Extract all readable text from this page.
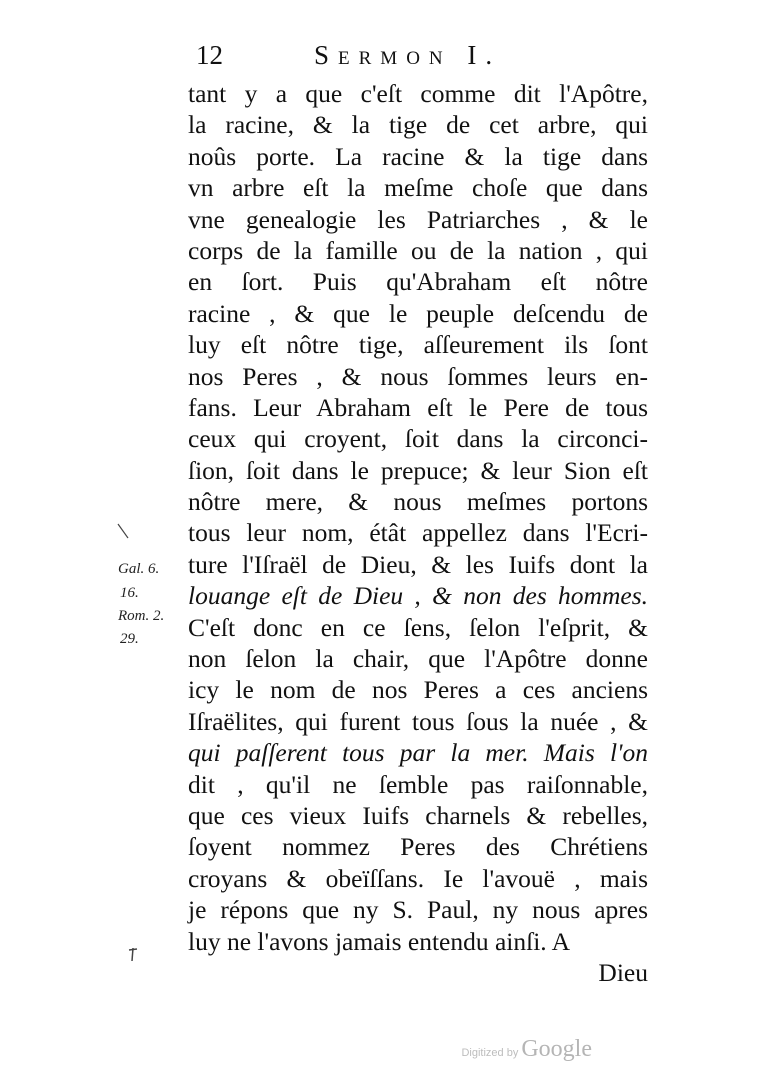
12	Sermon I.
tant y a que c'eſt comme dit l'Apôtre,
la racine, & la tige de cet arbre, qui
noûs porte. La racine & la tige dans
vn arbre eſt la meſme choſe que dans
vne genealogie les Patriarches , & le
corps de la famille ou de la nation , qui
en ſort. Puis qu'Abraham eſt nôtre
racine , & que le peuple deſcendu de
luy eſt nôtre tige, aſſeurement ils ſont
nos Peres , & nous ſommes leurs en-
fans. Leur Abraham eſt le Pere de tous
ceux qui croyent, ſoit dans la circonci-
ſion, ſoit dans le prepuce; & leur Sion eſt
nôtre mere, & nous meſmes portons
tous leur nom, étât appellez dans l'Ecri-
ture l'Iſraël de Dieu, & les Iuifs dont la
louange eſt de Dieu , & non des hommes.
C'eſt donc en ce ſens, ſelon l'eſprit, &
non ſelon la chair, que l'Apôtre donne
icy le nom de nos Peres a ces anciens
Iſraëlites, qui furent tous ſous la nuée , &
qui paſſerent tous par la mer. Mais l'on
dit , qu'il ne ſemble pas raiſonnable,
que ces vieux Iuifs charnels & rebelles,
ſoyent nommez Peres des Chrétiens
croyans & obeïſſans. Ie l'avouë , mais
je répons que ny S. Paul, ny nous apres
luy ne l'avons jamais entendu ainſi. A
Dieu
Gal. 6.
16.
Rom. 2.
29.
Digitized by Google
